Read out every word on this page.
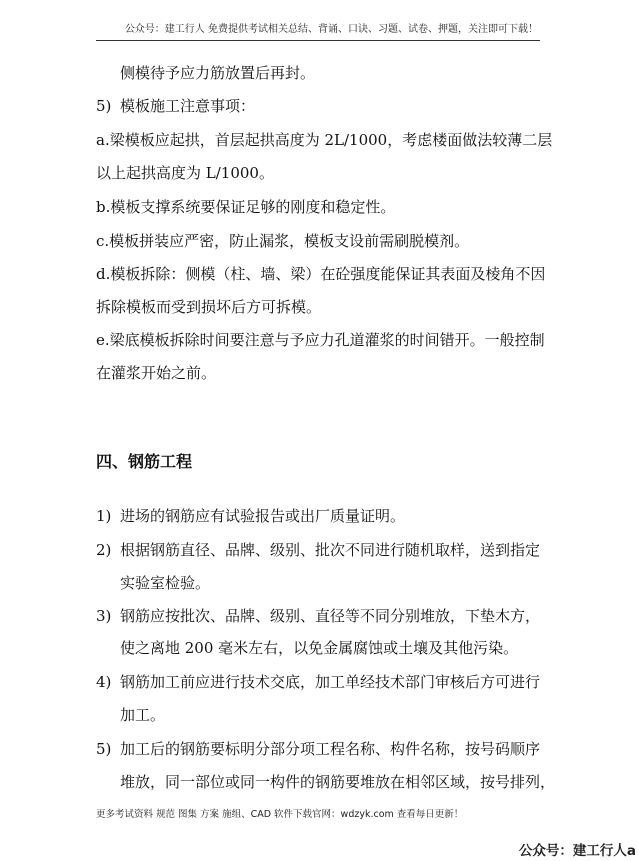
公众号：建工行人 免费提供考试相关总结、背诵、口诀、习题、试卷、押题，关注即可下载！
侧模待予应力筋放置后再封。
5) 模板施工注意事项：
a.梁模板应起拱，首层起拱高度为 2L/1000，考虑楼面做法较薄二层
以上起拱高度为 L/1000。
b.模板支撑系统要保证足够的刚度和稳定性。
c.模板拼装应严密，防止漏浆，模板支设前需刷脱模剂。
d.模板拆除：侧模（柱、墙、梁）在砼强度能保证其表面及棱角不因
拆除模板而受到损坏后方可拆模。
e.梁底模板拆除时间要注意与予应力孔道灌浆的时间错开。一般控制
在灌浆开始之前。
四、钢筋工程
1) 进场的钢筋应有试验报告或出厂质量证明。
2) 根据钢筋直径、品牌、级别、批次不同进行随机取样，送到指定
实验室检验。
3) 钢筋应按批次、品牌、级别、直径等不同分别堆放，下垫木方，
使之离地 200 毫米左右，以免金属腐蚀或土壤及其他污染。
4) 钢筋加工前应进行技术交底，加工单经技术部门审核后方可进行
加工。
5) 加工后的钢筋要标明分部分项工程名称、构件名称，按号码顺序
堆放，同一部位或同一构件的钢筋要堆放在相邻区域，按号排列，
更多考试资料 规范 图集 方案 施组、CAD 软件下载官网：wdzyk.com 查看每日更新！
公众号：建工行人a
